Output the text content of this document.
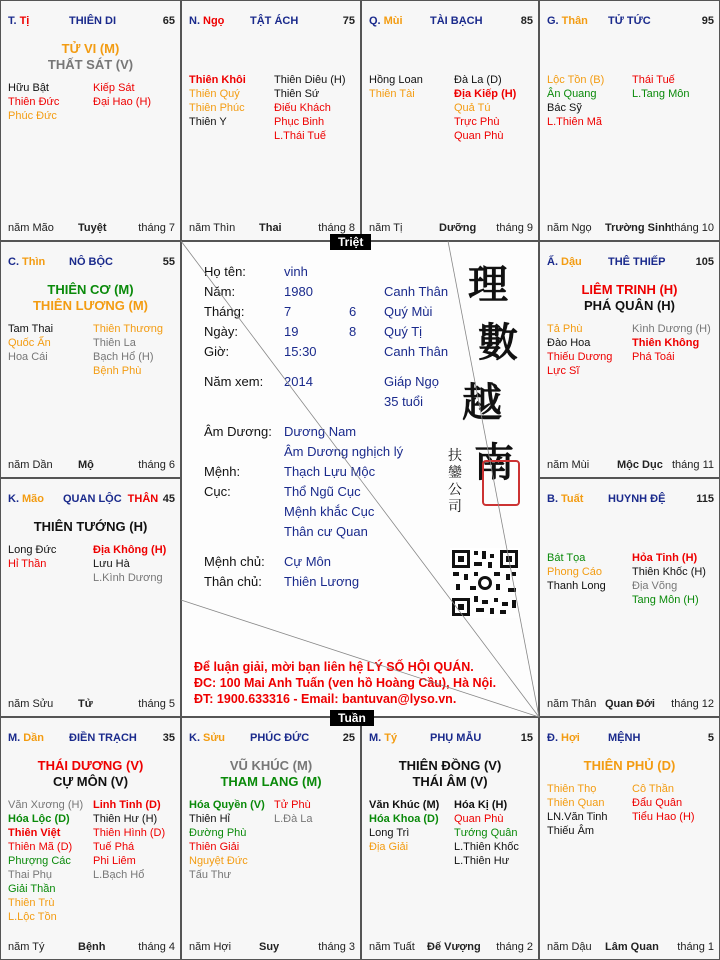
T. Tị	THIÊN DI	65
TỬ VI (M)
THẤT SÁT (V)
Hữu Bật
Thiên Đức
Phúc Đức
Kiếp Sát
Đại Hao (H)
năm Mão Tuyệt	tháng 7
N. Ngọ TẬT ÁCH	75
Thiên Khôi
Thiên Quý
Thiên Phúc
Thiên Y
Thiên Diêu (H)
Thiên Sứ
Điếu Khách
Phục Binh
L.Thái Tuế
năm Thìn Thai	tháng 8
Q. Mùi TÀI BẠCH	85
Hồng Loan
Thiên Tài
Đà La (D)
Địa Kiếp (H)
Quả Tú
Trực Phù
Quan Phù
năm Tị	Dưỡng tháng 9
G. Thân TỬ TỨC	95
Lộc Tồn (B)
Ân Quang
Bác Sỹ
L.Thiên Mã
Thái Tuế
L.Tang Môn
năm Ngọ Trường Sinh tháng 10
Ấ. Dậu THÊ THIẾP	105
LIÊM TRINH (H)
PHÁ QUÂN (H)
Tả Phù
Đào Hoa
Thiếu Dương
Lực Sĩ
Kình Dương (H)
Thiên Không
Phá Toái
năm Mùi	Mộc Dục tháng 11
B. Tuất HUYNH ĐỆ	115
Bát Tọa
Phong Cáo
Thanh Long
Hỏa Tinh (H)
Thiên Khốc (H)
Địa Võng
Tang Môn (H)
năm Thân Quan Đới tháng 12
Đ. Hợi	MỆNH	5
THIÊN PHỦ (D)
Thiên Thọ
Thiên Quan
LN.Văn Tinh
Thiếu Âm
Cô Thần
Đẩu Quân
Tiểu Hao (H)
năm Dậu Lâm Quan tháng 1
M. Tý	PHỤ MẪU	15
THIÊN ĐỒNG (V)
THÁI ÂM (V)
Văn Khúc (M)
Hóa Khoa (D)
Long Trì
Địa Giải
Hóa Kị (H)
Quan Phù
Tướng Quân
L.Thiên Khốc
L.Thiên Hư
năm Tuất Đế Vượng tháng 2
K. Sửu PHÚC ĐỨC	25
VŨ KHÚC (M)
THAM LANG (M)
Hóa Quyền (V)
Thiên Hỉ
Đường Phù
Thiên Giải
Nguyệt Đức
Tấu Thư
Tử Phù
L.Đà La
năm Hợi	Suy	tháng 3
M. Dần ĐIỀN TRẠCH 35
THÁI DƯƠNG (V)
CỰ MÔN (V)
Văn Xương (H)
Hóa Lộc (D)
Thiên Việt
Thiên Mã (D)
Phượng Các
Thai Phụ
Giải Thần
Thiên Trù
L.Lộc Tồn
Linh Tinh (D)
Thiên Hư (H)
Thiên Hình (D)
Tuế Phá
Phi Liêm
L.Bạch Hổ
năm Tý	Bệnh	tháng 4
K. Mão QUAN LỘC THÂN 45
THIÊN TƯỚNG (H)
Long Đức
Hỉ Thần
Địa Không (H)
Lưu Hà
L.Kình Dương
năm Sửu Tử	tháng 5
C. Thìn NÔ BỘC	55
THIÊN CƠ (M)
THIÊN LƯƠNG (M)
Tam Thai
Quốc Ấn
Hoa Cái
Thiên Thương
Thiên La
Bạch Hổ (H)
Bệnh Phù
năm Dần Mộ	tháng 6
Họ tên:	vinh
Năm:	1980	Canh Thân
Tháng:	7	6 Quý Mùi
Ngày:	19	8 Quý Tị
Giờ:	15:30	Canh Thân
Năm xem: 2014	Giáp Ngọ
35 tuổi
Âm Dương: Dương Nam
Âm Dương nghịch lý
Mệnh:	Thạch Lựu Mộc
Cục:	Thổ Ngũ Cục
Mệnh khắc Cục
Thân cư Quan
Mệnh chủ: Cự Môn
Thân chủ: Thiên Lương
理
數
越
南
扶
鑾
公
司
Để luận giải, mời bạn liên hệ LÝ SỐ HỘI QUÁN.
ĐC: 100 Mai Anh Tuấn (ven hồ Hoàng Cầu), Hà Nội.
ĐT: 1900.633316 - Email: bantuvan@lyso.vn.
Triệt
Tuần
